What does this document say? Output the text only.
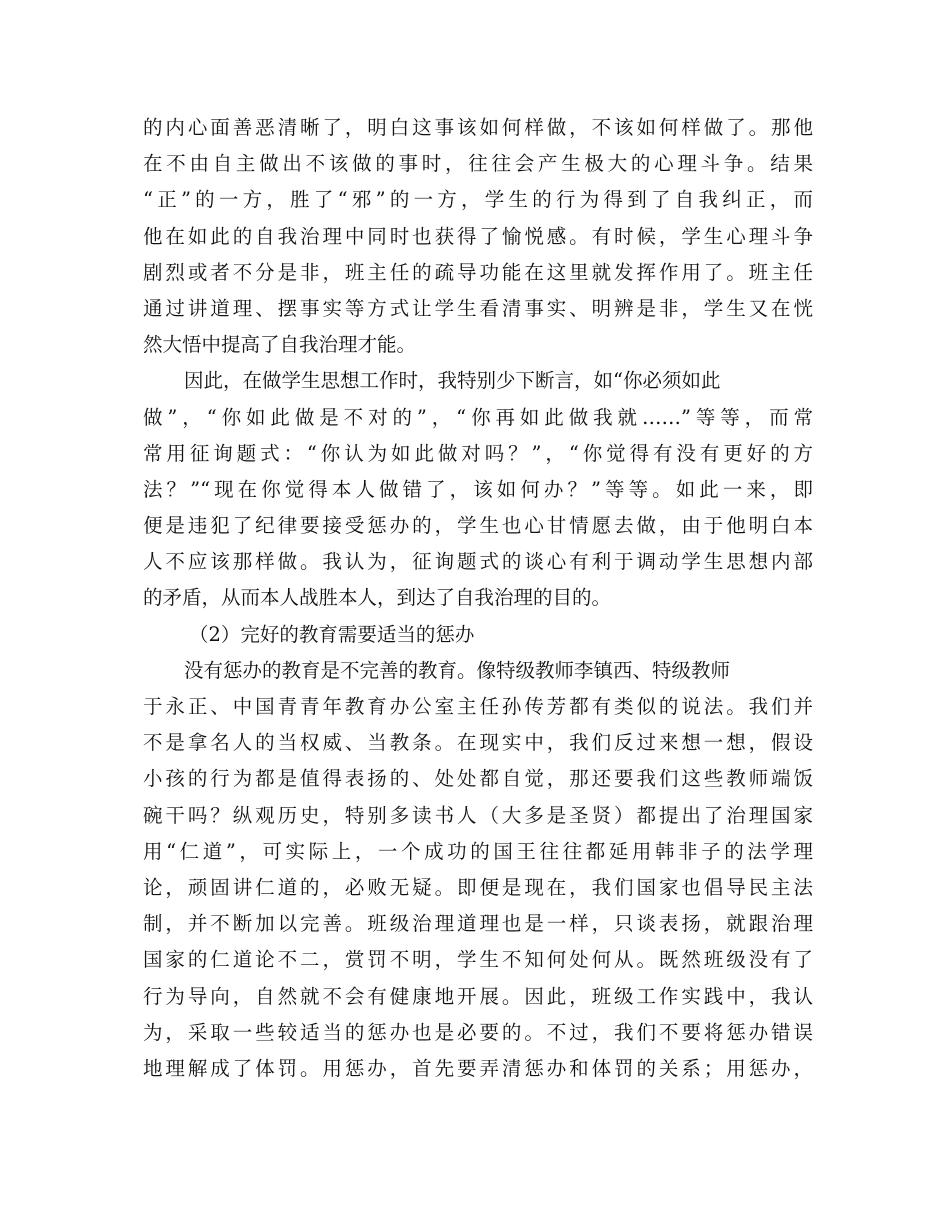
的内心面善恶清晰了，明白这事该如何样做，不该如何样做了。那他
在不由自主做出不该做的事时，往往会产生极大的心理斗争。结果
“正”的一方，胜了“邪”的一方，学生的行为得到了自我纠正，而
他在如此的自我治理中同时也获得了愉悦感。有时候，学生心理斗争
剧烈或者不分是非，班主任的疏导功能在这里就发挥作用了。班主任
通过讲道理、摆事实等方式让学生看清事实、明辨是非，学生又在恍
然大悟中提高了自我治理才能。
因此，在做学生思想工作时，我特别少下断言，如“你必须如此
做”，“你如此做是不对的”，“你再如此做我就……”等等，而常
常用征询题式：“你认为如此做对吗？”，“你觉得有没有更好的方
法？”“现在你觉得本人做错了，该如何办？”等等。如此一来，即
便是违犯了纪律要接受惩办的，学生也心甘情愿去做，由于他明白本
人不应该那样做。我认为，征询题式的谈心有利于调动学生思想内部
的矛盾，从而本人战胜本人，到达了自我治理的目的。
（2）完好的教育需要适当的惩办
没有惩办的教育是不完善的教育。像特级教师李镇西、特级教师
于永正、中国青青年教育办公室主任孙传芳都有类似的说法。我们并
不是拿名人的当权威、当教条。在现实中，我们反过来想一想，假设
小孩的行为都是值得表扬的、处处都自觉，那还要我们这些教师端饭
碗干吗？纵观历史，特别多读书人（大多是圣贤）都提出了治理国家
用“仁道”，可实际上，一个成功的国王往往都延用韩非子的法学理
论，顽固讲仁道的，必败无疑。即便是现在，我们国家也倡导民主法
制，并不断加以完善。班级治理道理也是一样，只谈表扬，就跟治理
国家的仁道论不二，赏罚不明，学生不知何处何从。既然班级没有了
行为导向，自然就不会有健康地开展。因此，班级工作实践中，我认
为，采取一些较适当的惩办也是必要的。不过，我们不要将惩办错误
地理解成了体罚。用惩办，首先要弄清惩办和体罚的关系；用惩办，
